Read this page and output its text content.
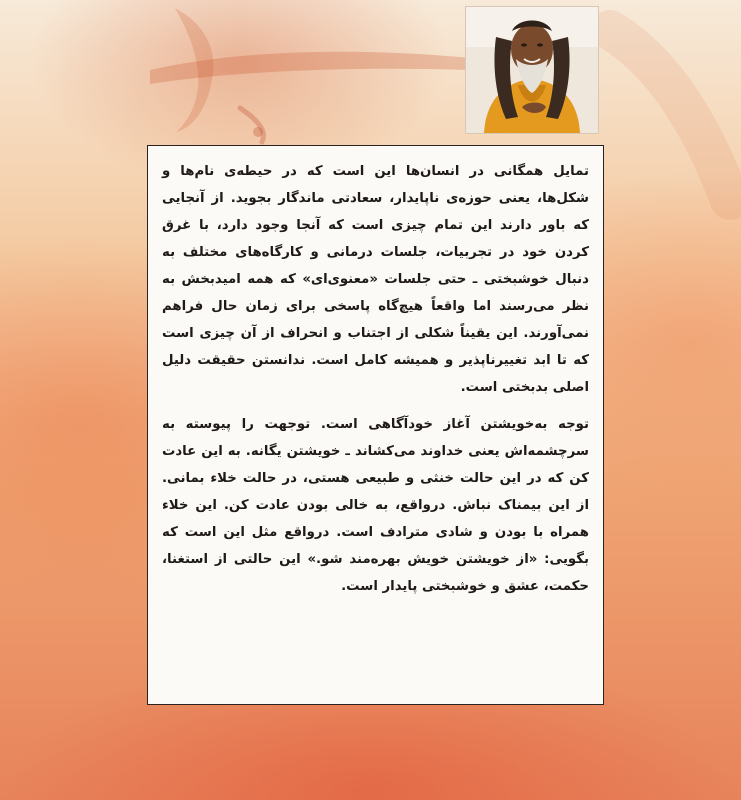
تمایل همگانی در انسان‌ها این است که در حیطه‌ی نام‌ها و شکل‌ها، یعنی حوزه‌ی ناپایدار، سعادتی ماندگار بجوید. از آنجایی که باور دارند این تمام چیزی است که آنجا وجود دارد، با غرق کردن خود در تجربیات، جلسات درمانی و کارگاه‌های مختلف به دنبال خوشبختی ـ حتی جلسات «معنوی‌ای» که همه امیدبخش به نظر می‌رسند اما واقعاً هیچ‌گاه پاسخی برای زمان حال فراهم نمی‌آورند. این یقیناً شکلی از اجتناب و انحراف از آن چیزی است که تا ابد تغییرناپذیر و همیشه کامل است. ندانستن حقیقت دلیل اصلی بدبختی است.

توجه به‌خویشتن آغاز خودآگاهی است. توجهت را پیوسته به سرچشمه‌اش یعنی خداوند می‌کشاند ـ خویشتن یگانه. به این عادت کن که در این حالت خنثی و طبیعی هستی، در حالت خلاء بمانی. از این بیمناک نباش. درواقع، به خالی بودن عادت کن. این خلاء همراه با بودن و شادی مترادف است. درواقع مثل این است که بگویی: «از خویشتن خویش بهره‌مند شو.» این حالتی از استغنا، حکمت، عشق و خوشبختی پایدار است.
